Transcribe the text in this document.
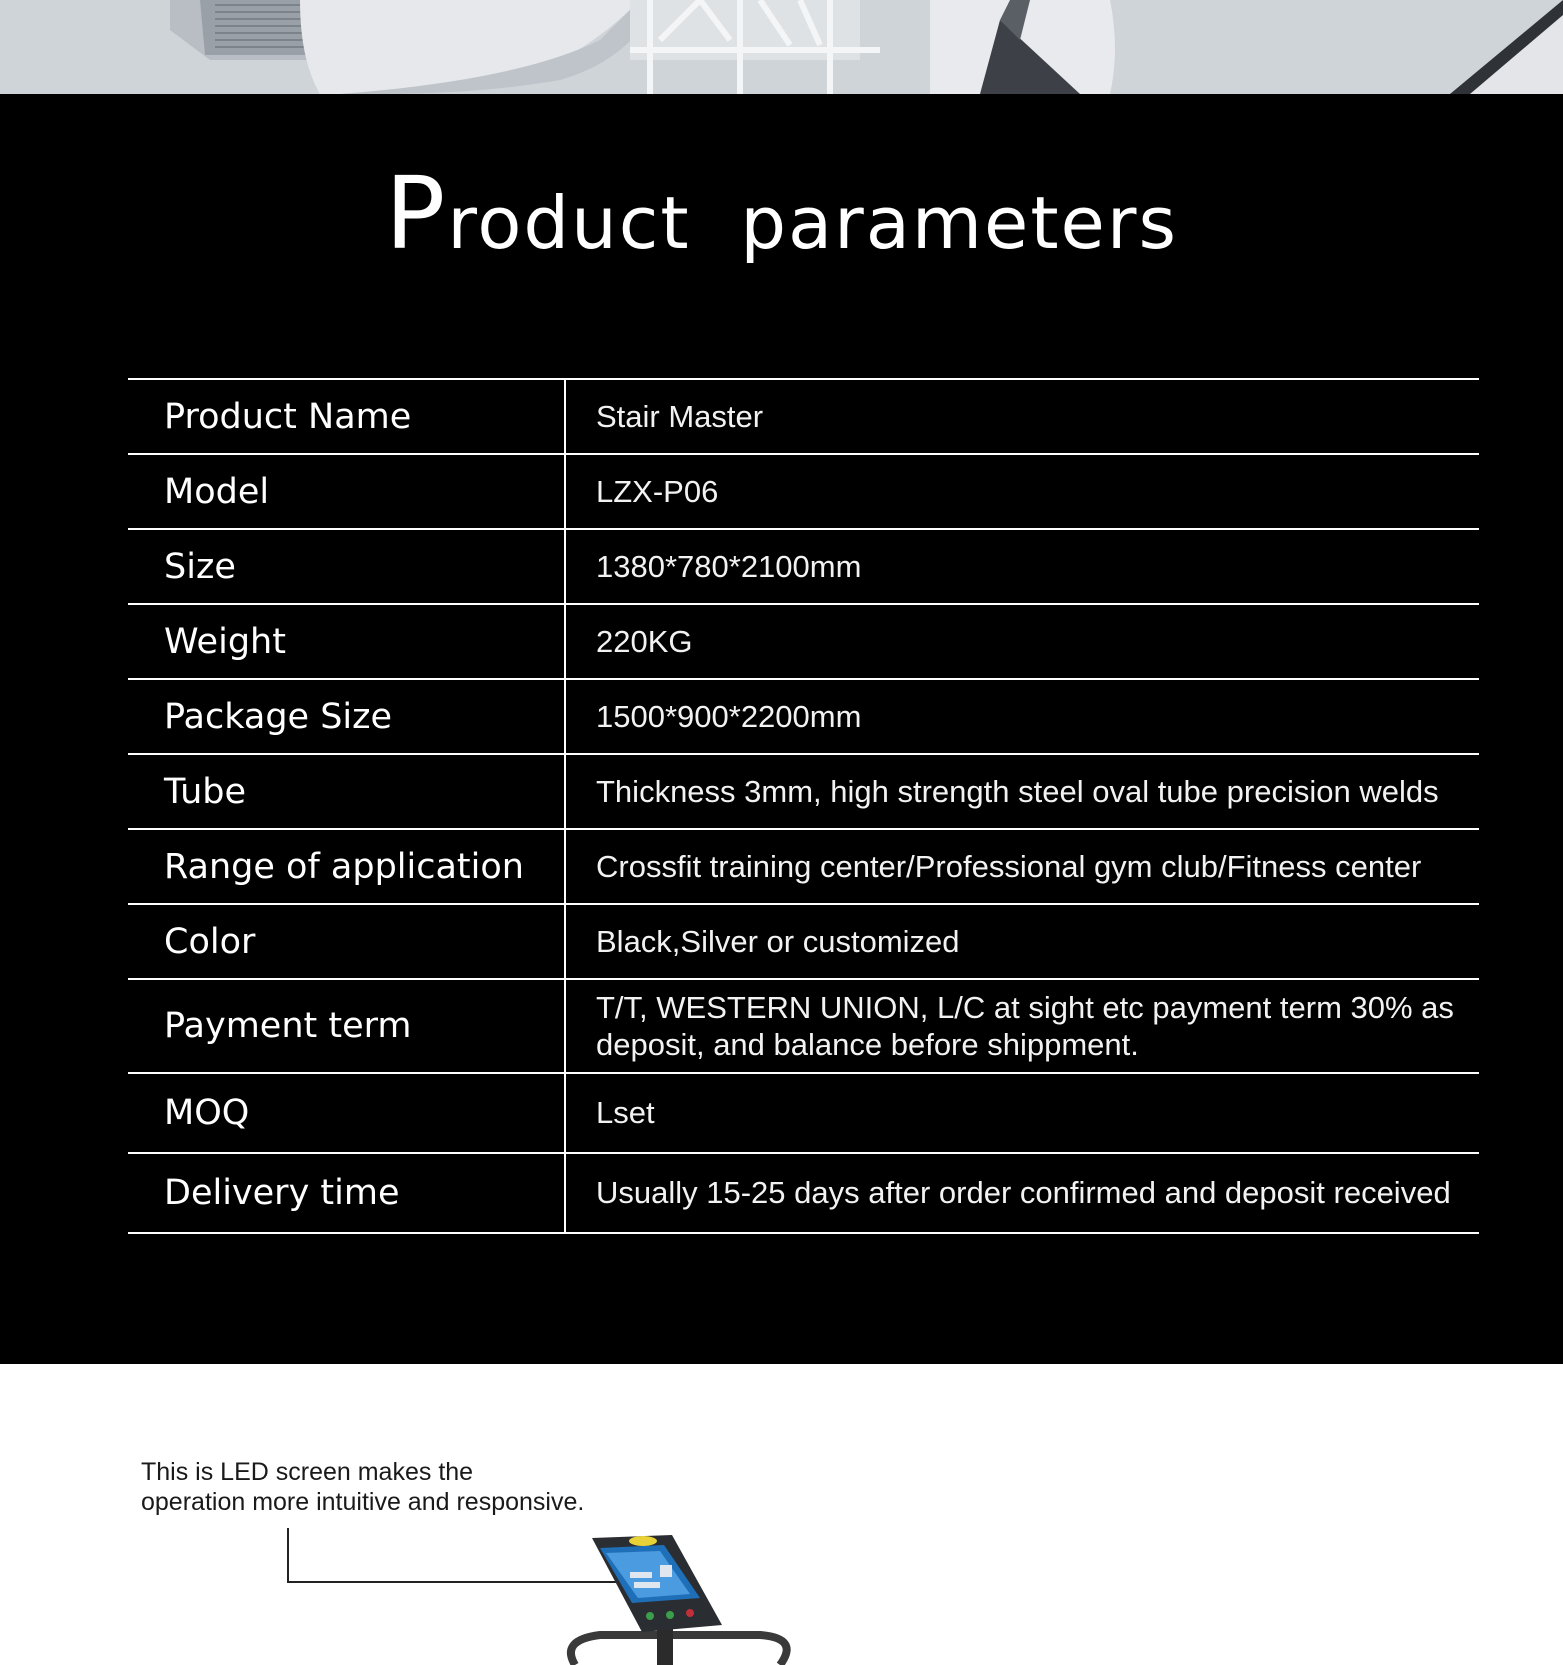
Product  parameters
Product Name	Stair Master
Model	LZX-P06
Size	1380*780*2100mm
Weight	220KG
Package Size	1500*900*2200mm
Tube	Thickness 3mm, high strength steel oval tube precision welds
Range of application	Crossfit training center/Professional gym club/Fitness center
Color	Black,Silver or customized
Payment term	T/T, WESTERN UNION, L/C at sight etc payment term 30% as deposit, and balance before shippment.
MOQ	Lset
Delivery time	Usually 15-25 days after order confirmed and deposit received
This is LED screen makes the
operation more intuitive and responsive.
